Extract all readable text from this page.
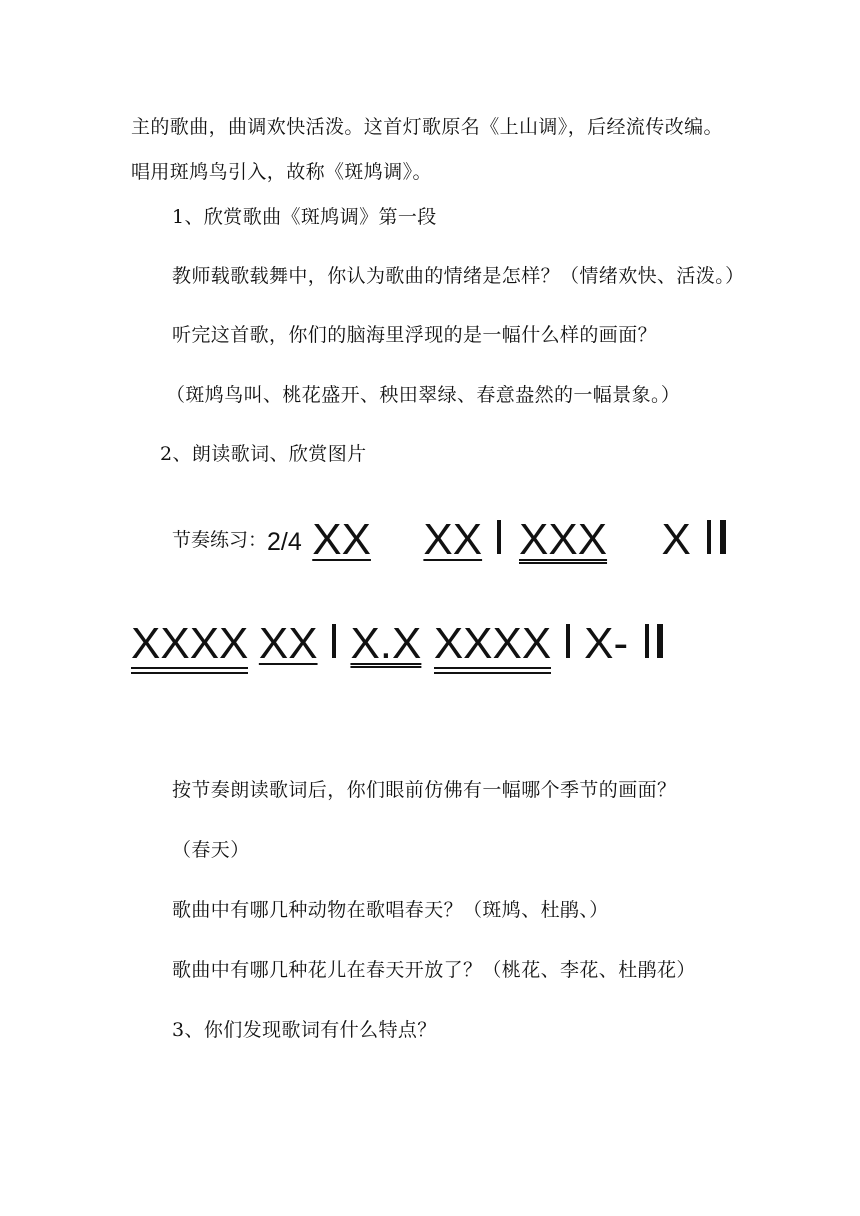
主的歌曲，曲调欢快活泼。这首灯歌原名《上山调》，后经流传改编。
唱用斑鸠鸟引入，故称《斑鸠调》。
1、欣赏歌曲《斑鸠调》第一段
教师载歌载舞中，你认为歌曲的情绪是怎样？（情绪欢快、活泼。）
听完这首歌，你们的脑海里浮现的是一幅什么样的画面？
（斑鸠鸟叫、桃花盛开、秧田翠绿、春意盎然的一幅景象。）
2、朗读歌词、欣赏图片
节奏练习：2/4 XX XX XXX X
XXXX XX X.X XXXX X-
按节奏朗读歌词后，你们眼前仿佛有一幅哪个季节的画面？
（春天）
歌曲中有哪几种动物在歌唱春天？（斑鸠、杜鹃、）
歌曲中有哪几种花儿在春天开放了？（桃花、李花、杜鹃花）
3、你们发现歌词有什么特点？
